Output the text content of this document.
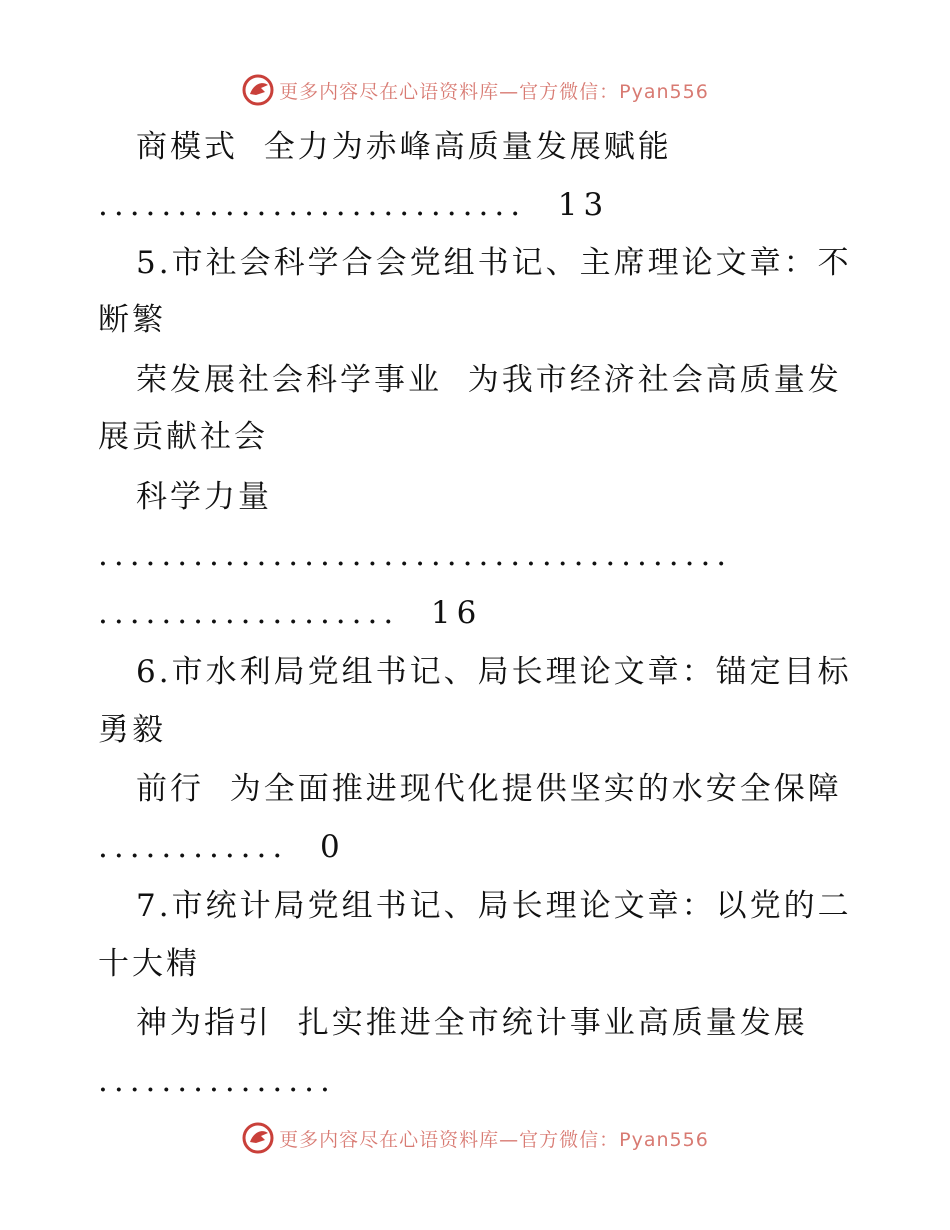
更多内容尽在心语资料库—官方微信：Pyan556
商模式  全力为赤峰高质量发展赋能
...........................  13
5.市社会科学合会党组书记、主席理论文章：不
断繁
荣发展社会科学事业  为我市经济社会高质量发
展贡献社会
科学力量
........................................
...................  16
6.市水利局党组书记、局长理论文章：锚定目标
勇毅
前行  为全面推进现代化提供坚实的水安全保障
............  0
7.市统计局党组书记、局长理论文章：以党的二
十大精
神为指引  扎实推进全市统计事业高质量发展
...............
更多内容尽在心语资料库—官方微信：Pyan556
